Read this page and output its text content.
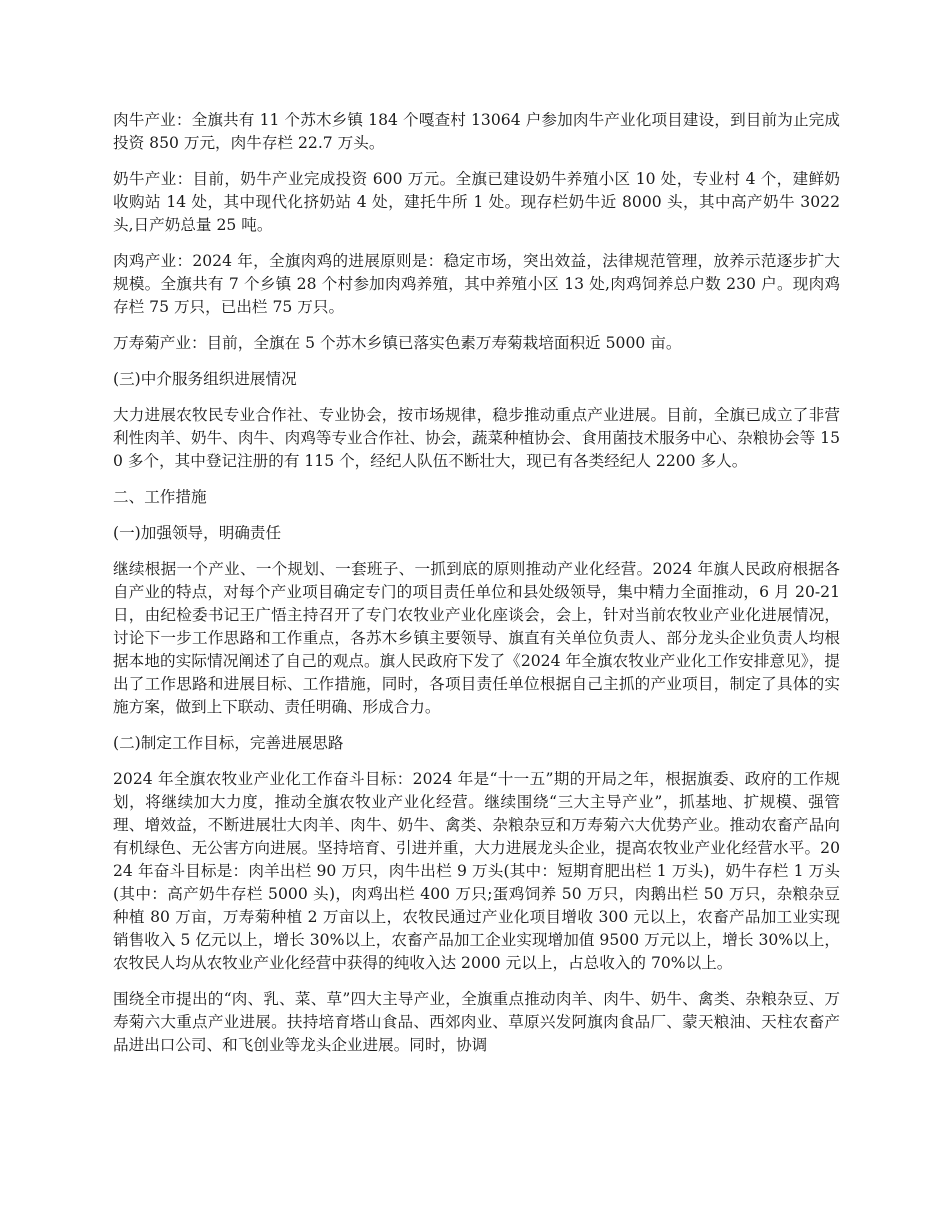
肉牛产业：全旗共有 11 个苏木乡镇 184 个嘎查村 13064 户参加肉牛产业化项目建设，到目前为止完成投资 850 万元，肉牛存栏 22.7 万头。

奶牛产业：目前，奶牛产业完成投资 600 万元。全旗已建设奶牛养殖小区 10 处，专业村 4 个，建鲜奶收购站 14 处，其中现代化挤奶站 4 处，建托牛所 1 处。现存栏奶牛近 8000 头，其中高产奶牛 3022 头,日产奶总量 25 吨。

肉鸡产业：2024 年，全旗肉鸡的进展原则是：稳定市场，突出效益，法律规范管理，放养示范逐步扩大规模。全旗共有 7 个乡镇 28 个村参加肉鸡养殖，其中养殖小区 13 处,肉鸡饲养总户数 230 户。现肉鸡存栏 75 万只，已出栏 75 万只。

万寿菊产业：目前，全旗在 5 个苏木乡镇已落实色素万寿菊栽培面积近 5000 亩。

(三)中介服务组织进展情况

大力进展农牧民专业合作社、专业协会，按市场规律，稳步推动重点产业进展。目前，全旗已成立了非营利性肉羊、奶牛、肉牛、肉鸡等专业合作社、协会，蔬菜种植协会、食用菌技术服务中心、杂粮协会等 150 多个，其中登记注册的有 115 个，经纪人队伍不断壮大，现已有各类经纪人 2200 多人。

二、工作措施

(一)加强领导，明确责任

继续根据一个产业、一个规划、一套班子、一抓到底的原则推动产业化经营。2024 年旗人民政府根据各自产业的特点，对每个产业项目确定专门的项目责任单位和县处级领导，集中精力全面推动，6 月 20-21 日，由纪检委书记王广悟主持召开了专门农牧业产业化座谈会，会上，针对当前农牧业产业化进展情况，讨论下一步工作思路和工作重点，各苏木乡镇主要领导、旗直有关单位负责人、部分龙头企业负责人均根据本地的实际情况阐述了自己的观点。旗人民政府下发了《2024 年全旗农牧业产业化工作安排意见》，提出了工作思路和进展目标、工作措施，同时，各项目责任单位根据自己主抓的产业项目，制定了具体的实施方案，做到上下联动、责任明确、形成合力。

(二)制定工作目标，完善进展思路

2024 年全旗农牧业产业化工作奋斗目标：2024 年是“十一五”期的开局之年，根据旗委、政府的工作规划，将继续加大力度，推动全旗农牧业产业化经营。继续围绕“三大主导产业”，抓基地、扩规模、强管理、增效益，不断进展壮大肉羊、肉牛、奶牛、禽类、杂粮杂豆和万寿菊六大优势产业。推动农畜产品向有机绿色、无公害方向进展。坚持培育、引进并重，大力进展龙头企业，提高农牧业产业化经营水平。2024 年奋斗目标是：肉羊出栏 90 万只，肉牛出栏 9 万头(其中：短期育肥出栏 1 万头)，奶牛存栏 1 万头(其中：高产奶牛存栏 5000 头)，肉鸡出栏 400 万只;蛋鸡饲养 50 万只，肉鹅出栏 50 万只，杂粮杂豆种植 80 万亩，万寿菊种植 2 万亩以上，农牧民通过产业化项目增收 300 元以上，农畜产品加工业实现销售收入 5 亿元以上，增长 30%以上，农畜产品加工企业实现增加值 9500 万元以上，增长 30%以上，农牧民人均从农牧业产业化经营中获得的纯收入达 2000 元以上，占总收入的 70%以上。

围绕全市提出的“肉、乳、菜、草”四大主导产业，全旗重点推动肉羊、肉牛、奶牛、禽类、杂粮杂豆、万寿菊六大重点产业进展。扶持培育塔山食品、西郊肉业、草原兴发阿旗肉食品厂、蒙天粮油、天柱农畜产品进出口公司、和飞创业等龙头企业进展。同时，协调
